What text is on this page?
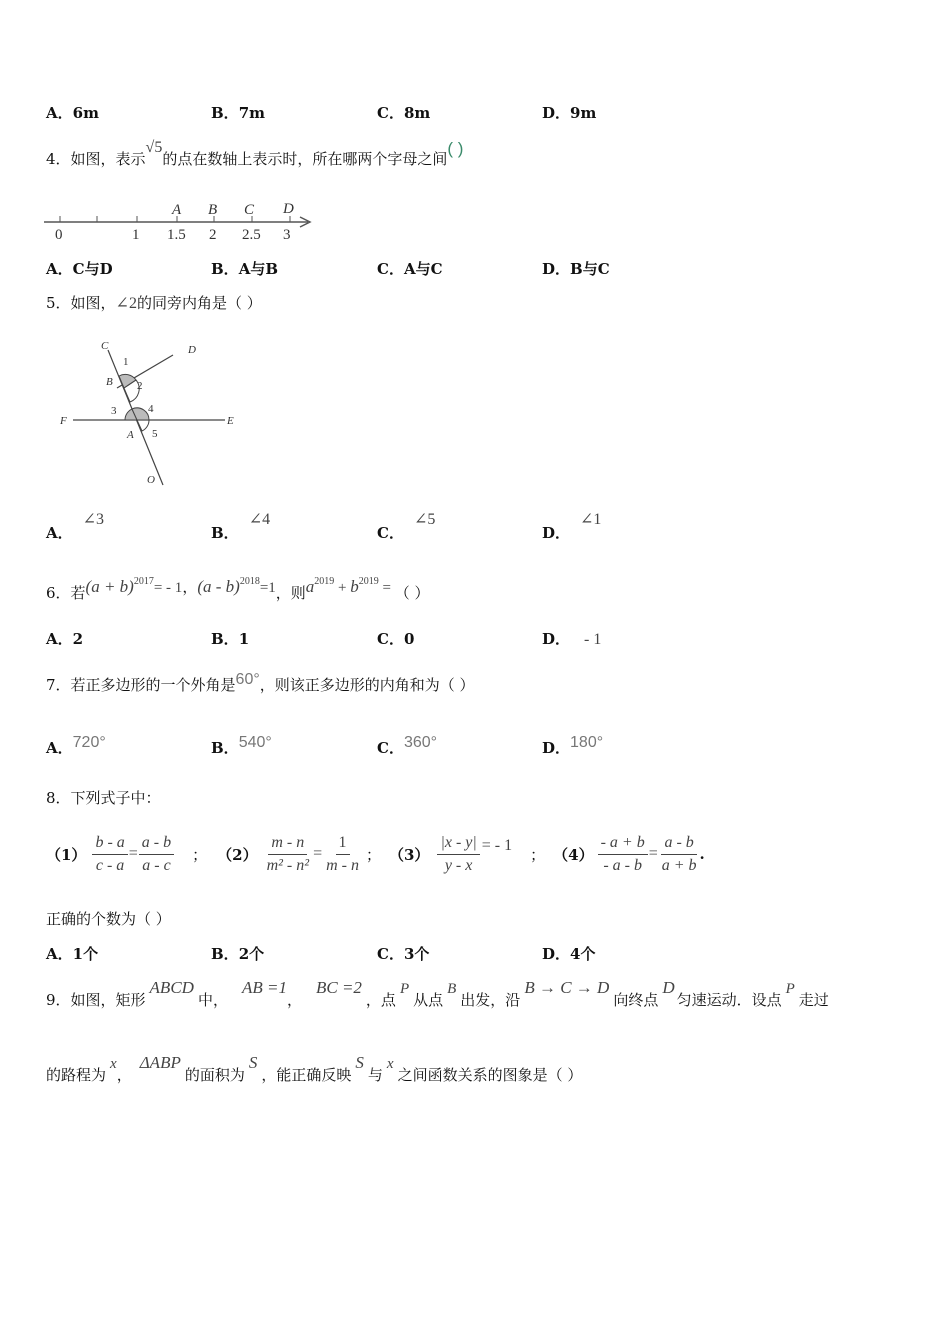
A．6m	B．7m	C．8m	D．9m
4．如图，表示√5的点在数轴上表示时，所在哪两个字母之间( )
0	1 1.5 2 2.5 3
A B C D
A．C与D	B．A与B	C．A与C	D．B与C
5．如图，∠2的同旁内角是（ ）
C	D
B
F	E
A
O
1
2
3	4
5
A．∠3
B．∠4
C．∠5
D．∠1
6．若$(a + b)^{2017}= - 1$，(a - b)$^{2018}$=1，则$a^{2019} + b^{2019}$ = （ ）
A．2	B．1	C．0	D． - 1
7．若正多边形的一个外角是60°，则该正多边形的内角和为（ ）
A．720°	B．540°	C．360°	D．180°
8．下列式子中：
$(1) \frac{b - a}{c - a} = \frac{a - b}{a - c}$ ； $(2) \frac{m - n}{\text{m² - n²}} = \frac{1}{m - n}$ ； $(3) \frac{|x - y|}{y - x}$ = - 1 ； $(4) \frac{- a + b}{- a - b} = \frac{a - b}{a + b}$ .
正确的个数为（ ）
A．1个	B．2个	C．3个	D．4个
9．如图，矩形ABCD中，AB =1，BC =2，点P从点B出发，沿B → C → D向终点D匀速运动．设点P走过
的路程为x，ΔABP的面积为S，能正确反映S与x之间函数关系的图象是（ ）
